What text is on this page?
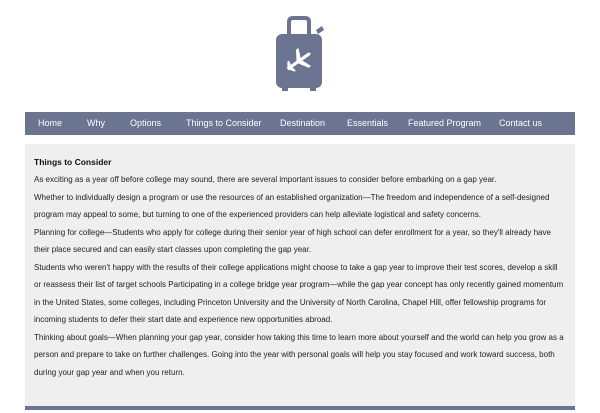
Home	Why	Options	Things to Consider Destination Essentials Featured Program Contact us

Things to Consider

As exciting as a year off before college may sound, there are several important issues to consider before embarking on a gap year.

Whether to individually design a program or use the resources of an established organization—The freedom and independence of a self-designed program may appeal to some, but turning to one of the experienced providers can help alleviate logistical and safety concerns.

Planning for college—Students who apply for college during their senior year of high school can defer enrollment for a year, so they'll already have their place secured and can easily start classes upon completing the gap year.

Students who weren't happy with the results of their college applications might choose to take a gap year to improve their test scores, develop a skill or reassess their list of target schools Participating in a college bridge year program—while the gap year concept has only recently gained momentum in the United States, some colleges, including Princeton University and the University of North Carolina, Chapel Hill, offer fellowship programs for incoming students to defer their start date and experience new opportunities abroad.

Thinking about goals—When planning your gap year, consider how taking this time to learn more about yourself and the world can help you grow as a person and prepare to take on further challenges. Going into the year with personal goals will help you stay focused and work toward success, both during your gap year and when you return.
